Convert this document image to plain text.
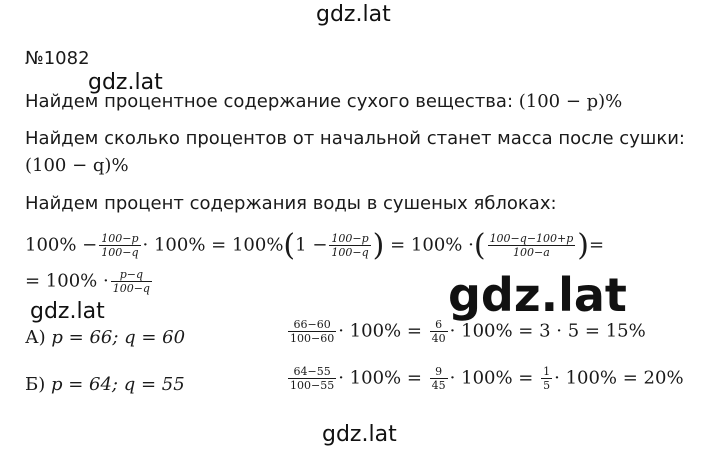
gdz.lat
gdz.lat
gdz.lat	gdz.lat
gdz.lat
№1082
Найдем процентное содержание сухого вещества: (100 − p)%
Найдем сколько процентов от начальной станет масса после сушки:
(100 − q)%
Найдем процент содержания воды в сушеных яблоках:
$100\% - \frac{100-p}{100-q} \cdot 100\% = 100\%(1 - \frac{100-p}{100-q}$ ) = 100% ·( $\frac{100-q-100+p}{100-a}$ )=
= $100\% \cdot \frac{p-q}{100-q}$
А) p = 66; q = 60	$\frac{66-60}{100-60} \cdot 100\% = \frac{6}{40} \cdot 100\% = 3 \cdot 5 = 15\%$
Б) p = 64; q = 55	$\frac{64-55}{100-55} \cdot 100\% = \frac{9}{45} \cdot 100\% = \frac{1}{5} \cdot 100\% = 20\%$
